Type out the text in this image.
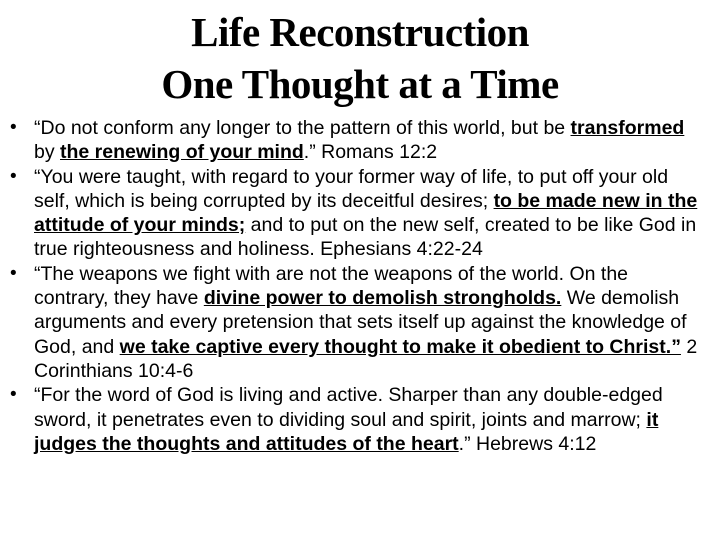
Life Reconstruction
One Thought at a Time
• “Do not conform any longer to the pattern of this world, but be transformed by the renewing of your mind.” Romans 12:2
• “You were taught, with regard to your former way of life, to put off your old self, which is being corrupted by its deceitful desires; to be made new in the attitude of your minds; and to put on the new self, created to be like God in true righteousness and holiness. Ephesians 4:22-24
• “The weapons we fight with are not the weapons of the world. On the contrary, they have divine power to demolish strongholds. We demolish arguments and every pretension that sets itself up against the knowledge of God, and we take captive every thought to make it obedient to Christ.” 2 Corinthians 10:4-6
• “For the word of God is living and active. Sharper than any double-edged sword, it penetrates even to dividing soul and spirit, joints and marrow; it judges the thoughts and attitudes of the heart.” Hebrews 4:12
